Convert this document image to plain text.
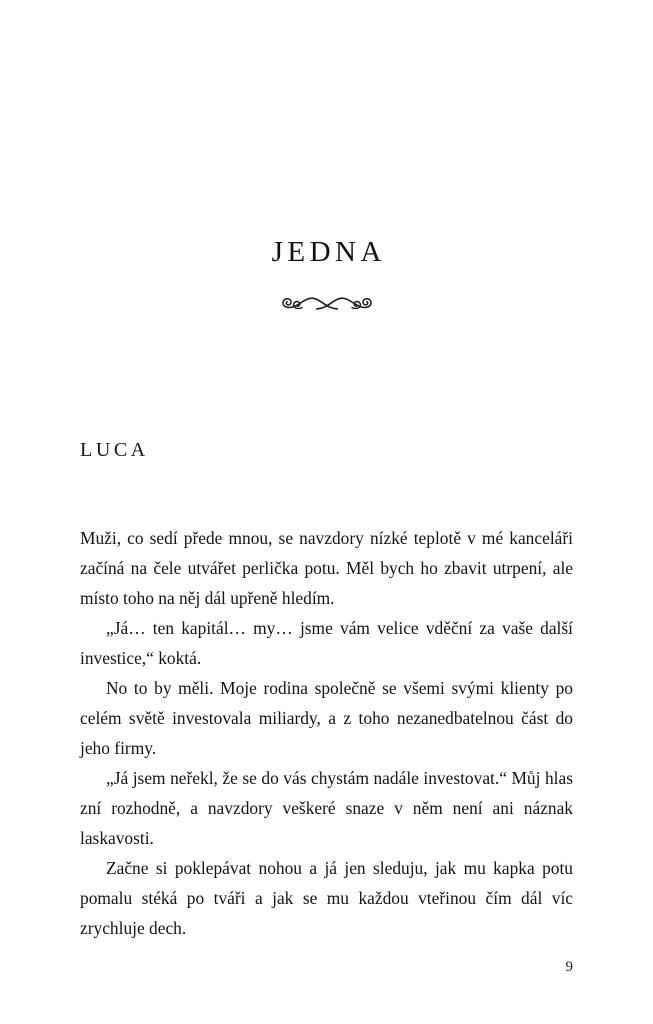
JEDNA
LUCA

Muži, co sedí přede mnou, se navzdory nízké teplotě v mé kanceláři začíná na čele utvářet perlička potu. Měl bych ho zbavit utrpení, ale místo toho na něj dál upřeně hledím.

„Já… ten kapitál… my… jsme vám velice vděční za vaše další investice,“ koktá.

No to by měli. Moje rodina společně se všemi svými klienty po celém světě investovala miliardy, a z toho nezanedbatelnou část do jeho firmy.

„Já jsem neřekl, že se do vás chystám nadále investovat.“ Můj hlas zní rozhodně, a navzdory veškeré snaze v něm není ani náznak laskavosti.

Začne si poklepávat nohou a já jen sleduju, jak mu kapka potu pomalu stéká po tváři a jak se mu každou vteřinou čím dál víc zrychluje dech.

9
